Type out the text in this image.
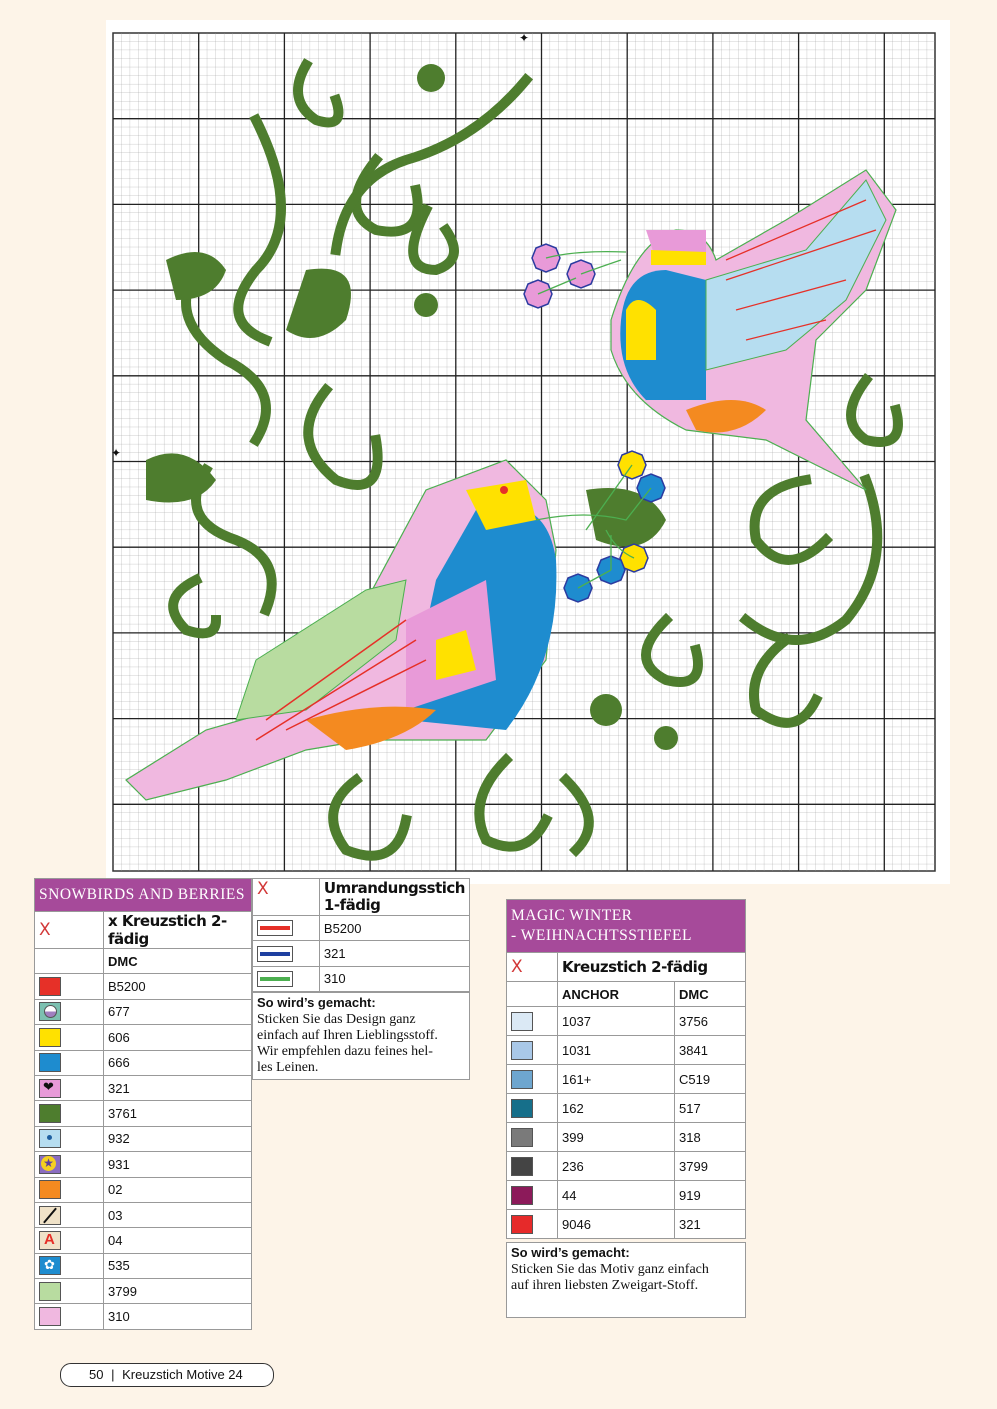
✦
✦
SNOWBIRDS AND BERRIES	
X	x Kreuzstich 2-fädig
	DMC
	B5200

	677
	606
	666

❤	321
	3761

	932

★	931
	02

	03

A	04

✿	535
	3799
	310
X	Umrandungsstich
1-fädig

	B5200

	321

	310
So wird’s gemacht:
Sticken Sie das Design ganz
einfach auf Ihren Lieblingsstoff.
Wir empfehlen dazu feines hel-
les Leinen.
MAGIC WINTER
- WEIHNACHTSSTIEFEL		

X	Kreuzstich 2-fädig	
	ANCHOR	DMC
	1037	3756
	1031	3841
	161+	C519
	162	517
	399	318
	236	3799
	44	919
	9046	321
So wird’s gemacht:
Sticken Sie das Motiv ganz einfach
auf ihren liebsten Zweigart-Stoff.
50 | Kreuzstich Motive 24
